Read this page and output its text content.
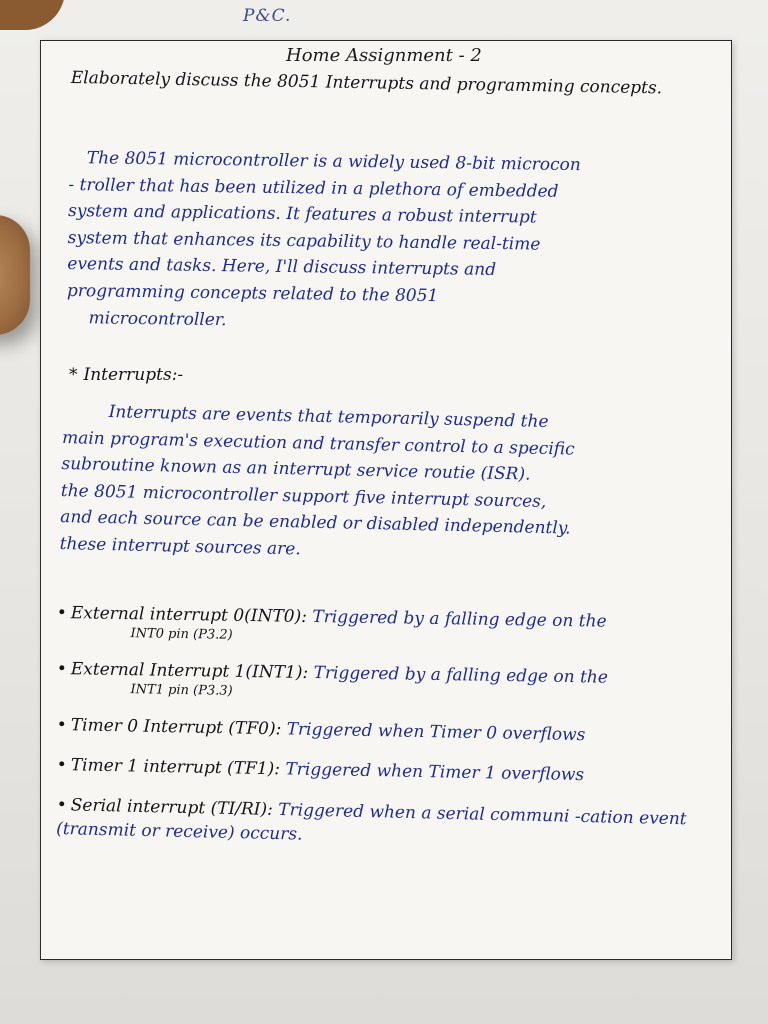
P&C.
Home Assignment - 2
Elaborately discuss the 8051 Interrupts and programming concepts.
The 8051 microcontroller is a widely used 8-bit microcon
- troller that has been utilized in a plethora of embedded
system and applications. It features a robust interrupt
system that enhances its capability to handle real-time
events and tasks. Here, I'll discuss interrupts and
programming concepts related to the 8051
microcontroller.
* Interrupts:-
Interrupts are events that temporarily suspend the
main program's execution and transfer control to a specific
subroutine known as an interrupt service routie (ISR).
the 8051 microcontroller support five interrupt sources,
and each source can be enabled or disabled independently.
these interrupt sources are.
• External interrupt 0(INT0): Triggered by a falling edge on the
INT0 pin (P3.2)
• External Interrupt 1(INT1): Triggered by a falling edge on the
INT1 pin (P3.3)
• Timer 0 Interrupt (TF0): Triggered when Timer 0 overflows
• Timer 1 interrupt (TF1): Triggered when Timer 1 overflows
• Serial interrupt (TI/RI): Triggered when a serial communi -cation event (transmit or receive) occurs.
